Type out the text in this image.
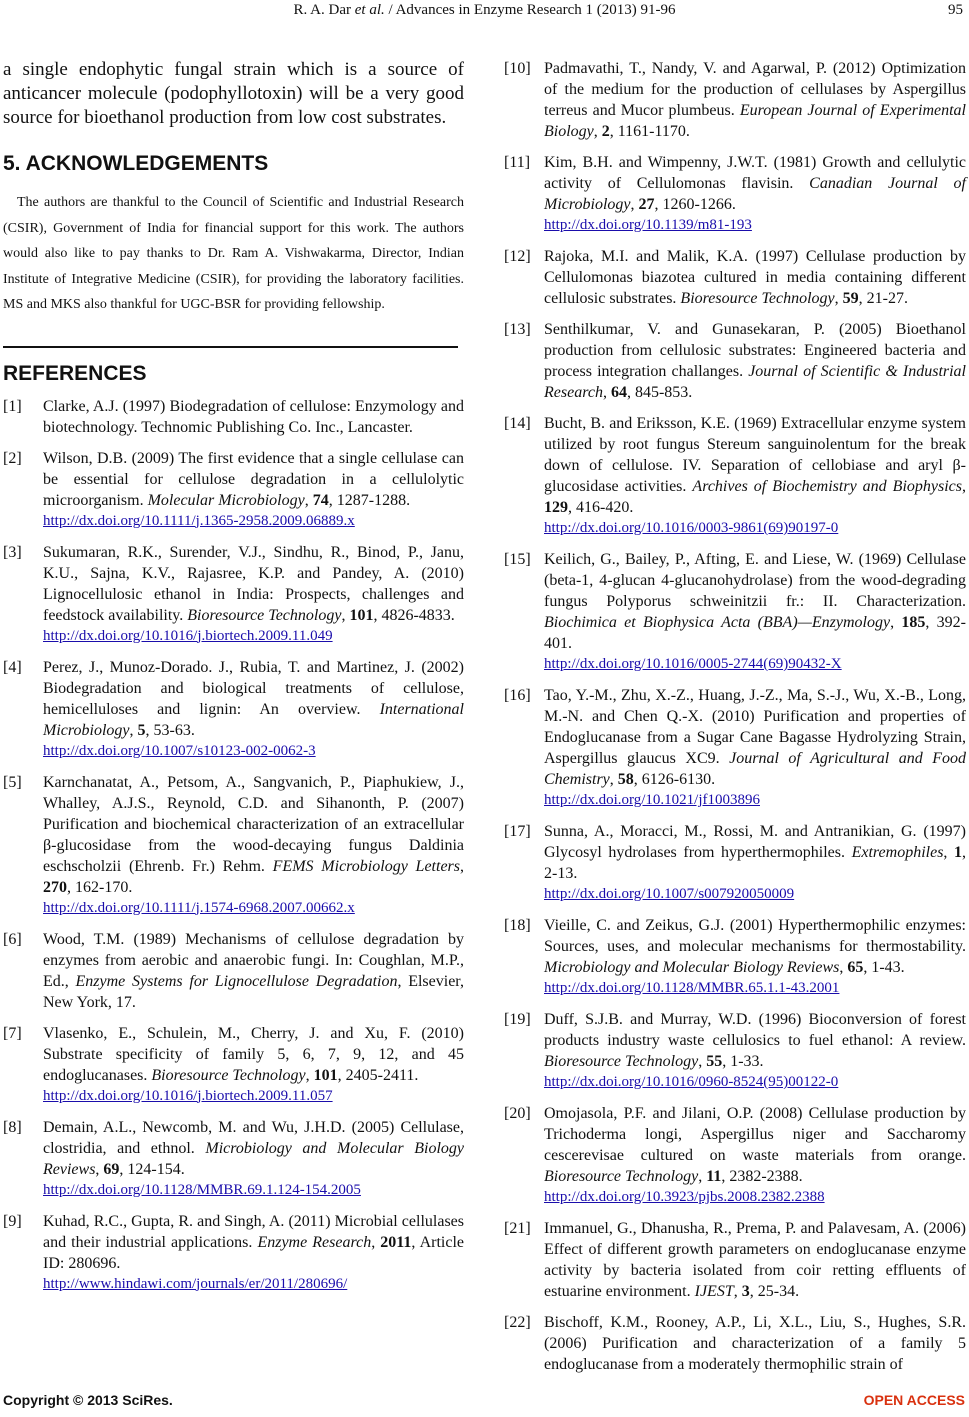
R. A. Dar et al. / Advances in Enzyme Research 1 (2013) 91-96	95

a single endophytic fungal strain which is a source of anticancer molecule (podophyllotoxin) will be a very good source for bioethanol production from low cost substrates.

5. ACKNOWLEDGEMENTS

The authors are thankful to the Council of Scientific and Industrial Research (CSIR), Government of India for financial support for this work. The authors would also like to pay thanks to Dr. Ram A. Vishwakarma, Director, Indian Institute of Integrative Medicine (CSIR), for providing the laboratory facilities. MS and MKS also thankful for UGC-BSR for providing fellowship.

REFERENCES
[1]	Clarke, A.J. (1997) Biodegradation of cellulose: Enzymology and biotechnology. Technomic Publishing Co. Inc., Lancaster.
[2]	Wilson, D.B. (2009) The first evidence that a single cellulase can be essential for cellulose degradation in a cellulolytic microorganism. Molecular Microbiology, 74, 1287-1288.
http://dx.doi.org/10.1111/j.1365-2958.2009.06889.x
[3]	Sukumaran, R.K., Surender, V.J., Sindhu, R., Binod, P., Janu, K.U., Sajna, K.V., Rajasree, K.P. and Pandey, A. (2010) Lignocellulosic ethanol in India: Prospects, challenges and feedstock availability. Bioresource Technology, 101, 4826-4833.
http://dx.doi.org/10.1016/j.biortech.2009.11.049
[4]	Perez, J., Munoz-Dorado. J., Rubia, T. and Martinez, J. (2002) Biodegradation and biological treatments of cellulose, hemicelluloses and lignin: An overview. International Microbiology, 5, 53-63.
http://dx.doi.org/10.1007/s10123-002-0062-3
[5]	Karnchanatat, A., Petsom, A., Sangvanich, P., Piaphukiew, J., Whalley, A.J.S., Reynold, C.D. and Sihanonth, P. (2007) Purification and biochemical characterization of an extracellular β-glucosidase from the wood-decaying fungus Daldinia eschscholzii (Ehrenb. Fr.) Rehm. FEMS Microbiology Letters, 270, 162-170.
http://dx.doi.org/10.1111/j.1574-6968.2007.00662.x
[6]	Wood, T.M. (1989) Mechanisms of cellulose degradation by enzymes from aerobic and anaerobic fungi. In: Coughlan, M.P., Ed., Enzyme Systems for Lignocellulose Degradation, Elsevier, New York, 17.
[7]	Vlasenko, E., Schulein, M., Cherry, J. and Xu, F. (2010) Substrate specificity of family 5, 6, 7, 9, 12, and 45 endoglucanases. Bioresource Technology, 101, 2405-2411.
http://dx.doi.org/10.1016/j.biortech.2009.11.057
[8]	Demain, A.L., Newcomb, M. and Wu, J.H.D. (2005) Cellulase, clostridia, and ethnol. Microbiology and Molecular Biology Reviews, 69, 124-154.
http://dx.doi.org/10.1128/MMBR.69.1.124-154.2005
[9]	Kuhad, R.C., Gupta, R. and Singh, A. (2011) Microbial cellulases and their industrial applications. Enzyme Research, 2011, Article ID: 280696.
http://www.hindawi.com/journals/er/2011/280696/
[10] Padmavathi, T., Nandy, V. and Agarwal, P. (2012) Optimization of the medium for the production of cellulases by Aspergillus terreus and Mucor plumbeus. European Journal of Experimental Biology, 2, 1161-1170.
[11] Kim, B.H. and Wimpenny, J.W.T. (1981) Growth and cellulytic activity of Cellulomonas flavisin. Canadian Journal of Microbiology, 27, 1260-1266.
http://dx.doi.org/10.1139/m81-193
[12] Rajoka, M.I. and Malik, K.A. (1997) Cellulase production by Cellulomonas biazotea cultured in media containing different cellulosic substrates. Bioresource Technology, 59, 21-27.
[13] Senthilkumar, V. and Gunasekaran, P. (2005) Bioethanol production from cellulosic substrates: Engineered bacteria and process integration challanges. Journal of Scientific & Industrial Research, 64, 845-853.
[14] Bucht, B. and Eriksson, K.E. (1969) Extracellular enzyme system utilized by root fungus Stereum sanguinolentum for the break down of cellulose. IV. Separation of cellobiase and aryl β-glucosidase activities. Archives of Biochemistry and Biophysics, 129, 416-420.
http://dx.doi.org/10.1016/0003-9861(69)90197-0
[15] Keilich, G., Bailey, P., Afting, E. and Liese, W. (1969) Cellulase (beta-1, 4-glucan 4-glucanohydrolase) from the wood-degrading fungus Polyporus schweinitzii fr.: II. Characterization. Biochimica et Biophysica Acta (BBA)—Enzymology, 185, 392-401.
http://dx.doi.org/10.1016/0005-2744(69)90432-X
[16] Tao, Y.-M., Zhu, X.-Z., Huang, J.-Z., Ma, S.-J., Wu, X.-B., Long, M.-N. and Chen Q.-X. (2010) Purification and properties of Endoglucanase from a Sugar Cane Bagasse Hydrolyzing Strain, Aspergillus glaucus XC9. Journal of Agricultural and Food Chemistry, 58, 6126-6130.
http://dx.doi.org/10.1021/jf1003896
[17] Sunna, A., Moracci, M., Rossi, M. and Antranikian, G. (1997) Glycosyl hydrolases from hyperthermophiles. Extremophiles, 1, 2-13.
http://dx.doi.org/10.1007/s007920050009
[18] Vieille, C. and Zeikus, G.J. (2001) Hyperthermophilic enzymes: Sources, uses, and molecular mechanisms for thermostability. Microbiology and Molecular Biology Reviews, 65, 1-43.
http://dx.doi.org/10.1128/MMBR.65.1.1-43.2001
[19] Duff, S.J.B. and Murray, W.D. (1996) Bioconversion of forest products industry waste cellulosics to fuel ethanol: A review. Bioresource Technology, 55, 1-33.
http://dx.doi.org/10.1016/0960-8524(95)00122-0
[20] Omojasola, P.F. and Jilani, O.P. (2008) Cellulase production by Trichoderma longi, Aspergillus niger and Saccharomy cescerevisae cultured on waste materials from orange. Bioresource Technology, 11, 2382-2388.
http://dx.doi.org/10.3923/pjbs.2008.2382.2388
[21] Immanuel, G., Dhanusha, R., Prema, P. and Palavesam, A. (2006) Effect of different growth parameters on endoglucanase enzyme activity by bacteria isolated from coir retting effluents of estuarine environment. IJEST, 3, 25-34.
[22] Bischoff, K.M., Rooney, A.P., Li, X.L., Liu, S., Hughes, S.R. (2006) Purification and characterization of a family 5 endoglucanase from a moderately thermophilic strain of
Copyright © 2013 SciRes.	OPEN ACCESS
